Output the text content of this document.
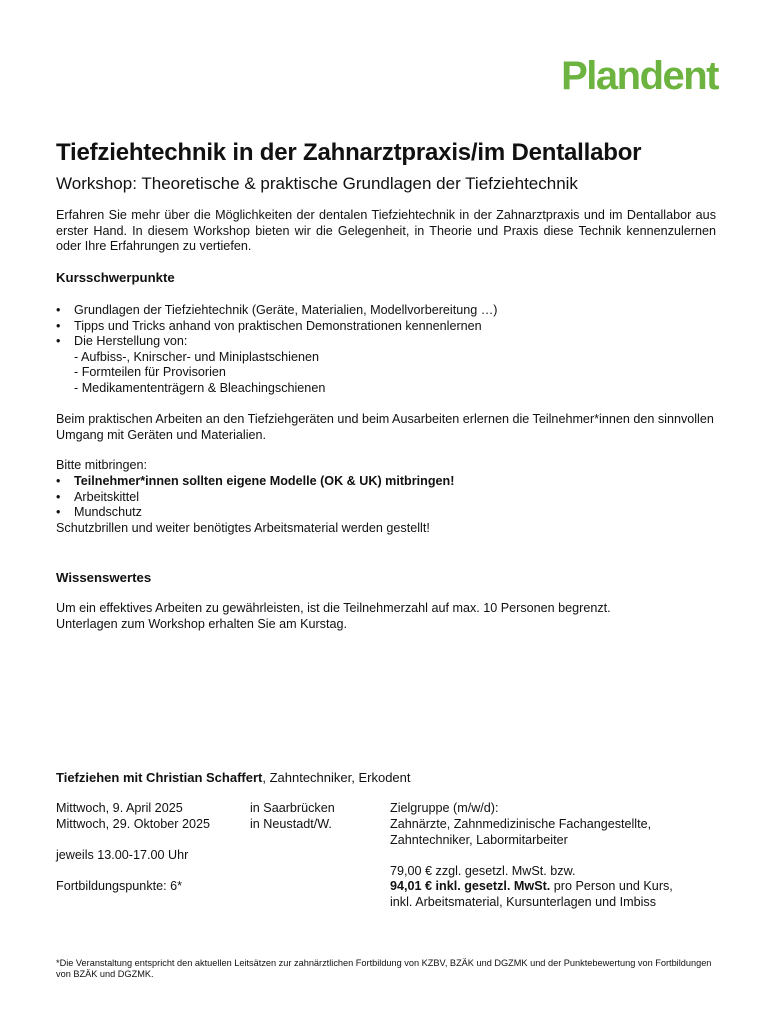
Plandent
Tiefziehtechnik in der Zahnarztpraxis/im Dentallabor
Workshop: Theoretische & praktische Grundlagen der Tiefziehtechnik

Erfahren Sie mehr über die Möglichkeiten der dentalen Tiefziehtechnik in der Zahnarztpraxis und im Dentallabor aus erster Hand. In diesem Workshop bieten wir die Gelegenheit, in Theorie und Praxis diese Technik kennenzulernen oder Ihre Erfahrungen zu vertiefen.

Kursschwerpunkte
• Grundlagen der Tiefziehtechnik (Geräte, Materialien, Modellvorbereitung …)
• Tipps und Tricks anhand von praktischen Demonstrationen kennenlernen
• Die Herstellung von:
- Aufbiss-, Knirscher- und Miniplastschienen
- Formteilen für Provisorien
- Medikamententrägern & Bleachingschienen

Beim praktischen Arbeiten an den Tiefziehgeräten und beim Ausarbeiten erlernen die Teilnehmer*innen den sinnvollen Umgang mit Geräten und Materialien.

Bitte mitbringen:

• Teilnehmer*innen sollten eigene Modelle (OK & UK) mitbringen!
• Arbeitskittel
• Mundschutz

Schutzbrillen und weiter benötigtes Arbeitsmaterial werden gestellt!

Wissenswertes

Um ein effektives Arbeiten zu gewährleisten, ist die Teilnehmerzahl auf max. 10 Personen begrenzt.

Unterlagen zum Workshop erhalten Sie am Kurstag.

Tiefziehen mit Christian Schaffert, Zahntechniker, Erkodent

Mittwoch, 9. April 2025

Mittwoch, 29. Oktober 2025

in Saarbrücken

in Neustadt/W.

jeweils 13.00-17.00 Uhr

Fortbildungspunkte: 6*

Zielgruppe (m/w/d):

Zahnärzte, Zahnmedizinische Fachangestellte,

Zahntechniker, Labormitarbeiter

79,00 € zzgl. gesetzl. MwSt. bzw.

94,01 € inkl. gesetzl. MwSt. pro Person und Kurs,

inkl. Arbeitsmaterial, Kursunterlagen und Imbiss

*Die Veranstaltung entspricht den aktuellen Leitsätzen zur zahnärztlichen Fortbildung von KZBV, BZÄK und DGZMK und der Punktebewertung von Fortbildungen von BZÄK und DGZMK.
